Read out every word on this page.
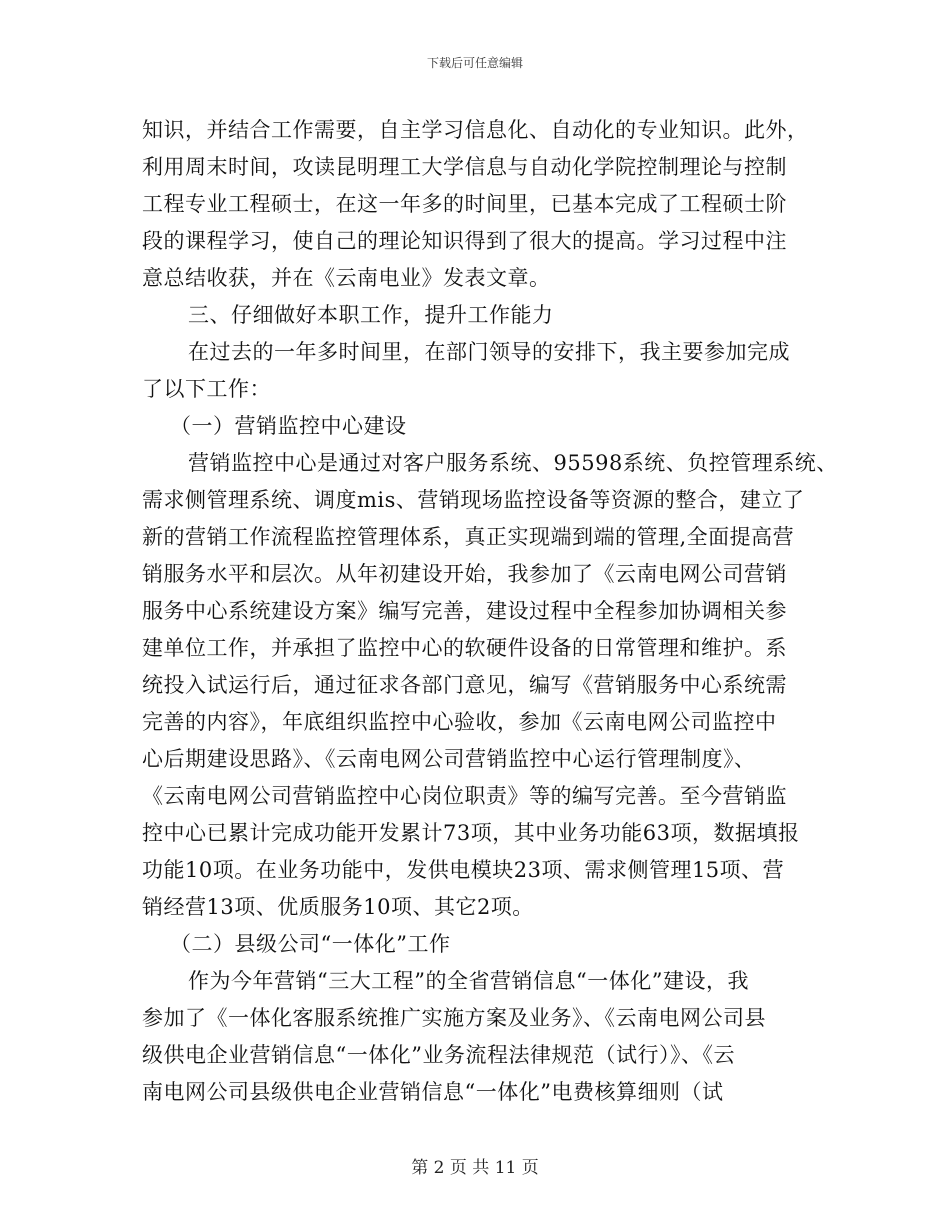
下载后可任意编辑
知识，并结合工作需要，自主学习信息化、自动化的专业知识。此外，
利用周末时间，攻读昆明理工大学信息与自动化学院控制理论与控制
工程专业工程硕士，在这一年多的时间里，已基本完成了工程硕士阶
段的课程学习，使自己的理论知识得到了很大的提高。学习过程中注
意总结收获，并在《云南电业》发表文章。
三、仔细做好本职工作，提升工作能力
在过去的一年多时间里，在部门领导的安排下，我主要参加完成
了以下工作：
（一）营销监控中心建设
营销监控中心是通过对客户服务系统、95598系统、负控管理系统、
需求侧管理系统、调度mis、营销现场监控设备等资源的整合，建立了
新的营销工作流程监控管理体系，真正实现端到端的管理,全面提高营
销服务水平和层次。从年初建设开始，我参加了《云南电网公司营销
服务中心系统建设方案》编写完善，建设过程中全程参加协调相关参
建单位工作，并承担了监控中心的软硬件设备的日常管理和维护。系
统投入试运行后，通过征求各部门意见，编写《营销服务中心系统需
完善的内容》，年底组织监控中心验收，参加《云南电网公司监控中
心后期建设思路》、《云南电网公司营销监控中心运行管理制度》、
《云南电网公司营销监控中心岗位职责》等的编写完善。至今营销监
控中心已累计完成功能开发累计73项，其中业务功能63项，数据填报
功能10项。在业务功能中，发供电模块23项、需求侧管理15项、营
销经营13项、优质服务10项、其它2项。
（二）县级公司“一体化”工作
作为今年营销“三大工程”的全省营销信息“一体化”建设，我
参加了《一体化客服系统推广实施方案及业务》、《云南电网公司县
级供电企业营销信息“一体化”业务流程法律规范（试行）》、《云
南电网公司县级供电企业营销信息“一体化”电费核算细则（试
第 2 页 共 11 页
